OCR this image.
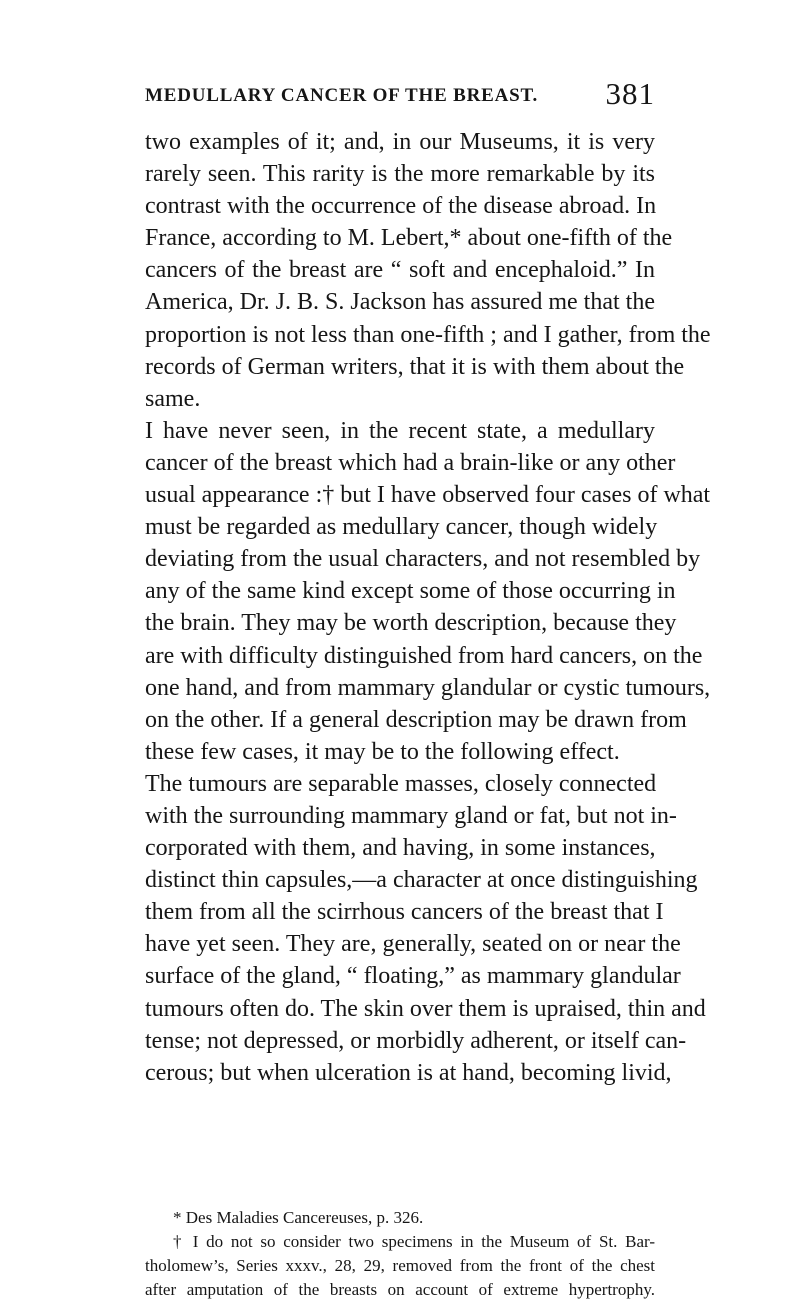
MEDULLARY CANCER OF THE BREAST. 381
two examples of it; and, in our Museums, it is very
rarely seen. This rarity is the more remarkable by its
contrast with the occurrence of the disease abroad. In
France, according to M. Lebert,* about one-fifth of the
cancers of the breast are “ soft and encephaloid.” In
America, Dr. J. B. S. Jackson has assured me that the
proportion is not less than one-fifth ; and I gather, from the
records of German writers, that it is with them about the
same.
I have never seen, in the recent state, a medullary
cancer of the breast which had a brain-like or any other
usual appearance :† but I have observed four cases of what
must be regarded as medullary cancer, though widely
deviating from the usual characters, and not resembled by
any of the same kind except some of those occurring in
the brain. They may be worth description, because they
are with difficulty distinguished from hard cancers, on the
one hand, and from mammary glandular or cystic tumours,
on the other. If a general description may be drawn from
these few cases, it may be to the following effect.
The tumours are separable masses, closely connected
with the surrounding mammary gland or fat, but not in-
corporated with them, and having, in some instances,
distinct thin capsules,—a character at once distinguishing
them from all the scirrhous cancers of the breast that I
have yet seen. They are, generally, seated on or near the
surface of the gland, “ floating,” as mammary glandular
tumours often do. The skin over them is upraised, thin and
tense; not depressed, or morbidly adherent, or itself can-
cerous; but when ulceration is at hand, becoming livid,
* Des Maladies Cancereuses, p. 326.
† I do not so consider two specimens in the Museum of St. Bar-
tholomew’s, Series xxxv., 28, 29, removed from the front of the chest
after amputation of the breasts on account of extreme hypertrophy.
